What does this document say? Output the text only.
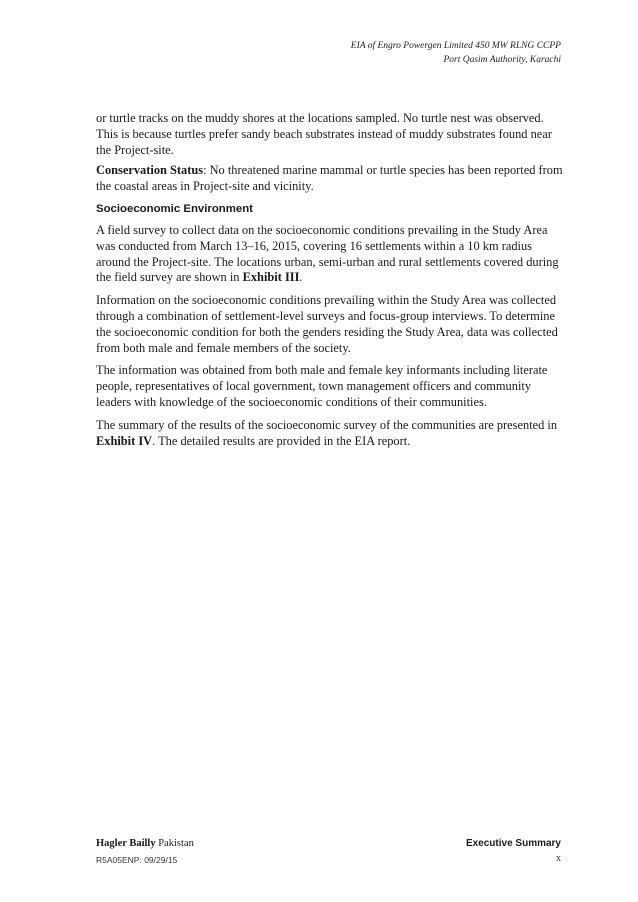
EIA of Engro Powergen Limited 450 MW RLNG CCPP
Port Qasim Authority, Karachi

or turtle tracks on the muddy shores at the locations sampled. No turtle nest was observed. This is because turtles prefer sandy beach substrates instead of muddy substrates found near the Project-site.

Conservation Status: No threatened marine mammal or turtle species has been reported from the coastal areas in Project-site and vicinity.

Socioeconomic Environment

A field survey to collect data on the socioeconomic conditions prevailing in the Study Area was conducted from March 13–16, 2015, covering 16 settlements within a 10 km radius around the Project-site. The locations urban, semi-urban and rural settlements covered during the field survey are shown in Exhibit III.

Information on the socioeconomic conditions prevailing within the Study Area was collected through a combination of settlement-level surveys and focus-group interviews. To determine the socioeconomic condition for both the genders residing the Study Area, data was collected from both male and female members of the society.

The information was obtained from both male and female key informants including literate people, representatives of local government, town management officers and community leaders with knowledge of the socioeconomic conditions of their communities.

The summary of the results of the socioeconomic survey of the communities are presented in Exhibit IV. The detailed results are provided in the EIA report.

Hagler Bailly Pakistan
R5A05ENP: 09/29/15
Executive Summary
x
